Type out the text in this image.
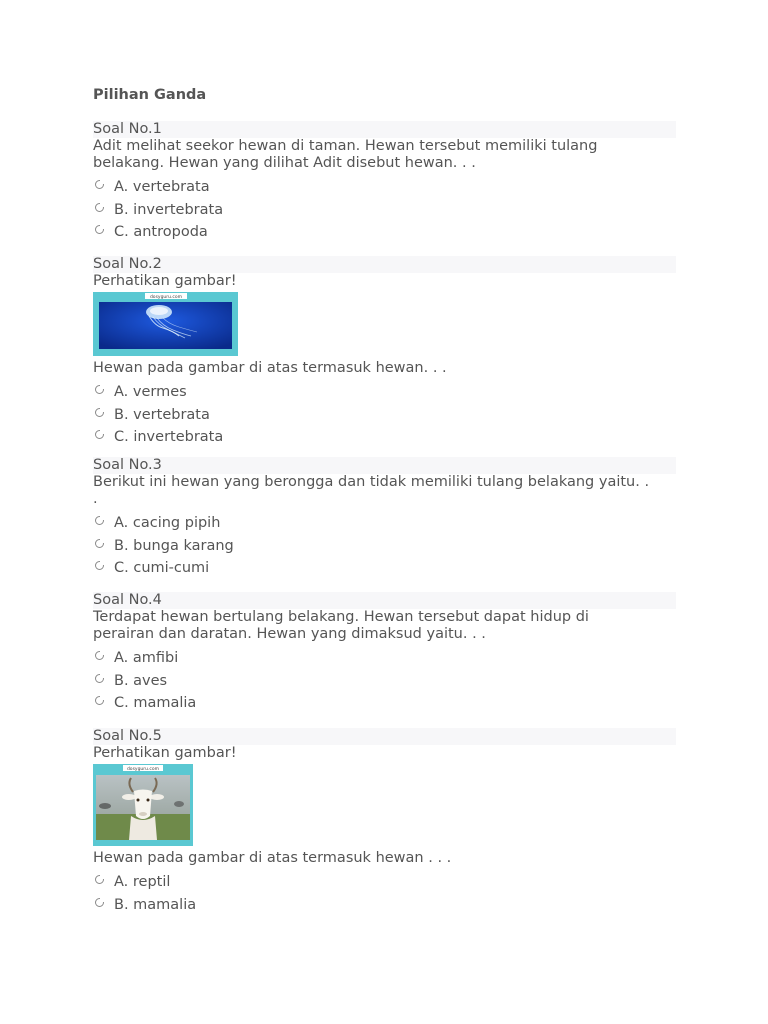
Pilihan Ganda
Soal No.1

Adit melihat seekor hewan di taman. Hewan tersebut memiliki tulang belakang. Hewan yang dilihat Adit disebut hewan. . .

A. vertebrata
B. invertebrata
C. antropoda
Soal No.2

Perhatikan gambar!

dosyguru.com

Hewan pada gambar di atas termasuk hewan. . .

A. vermes
B. vertebrata
C. invertebrata
Soal No.3

Berikut ini hewan yang berongga dan tidak memiliki tulang belakang yaitu. . .

A. cacing pipih
B. bunga karang
C. cumi-cumi
Soal No.4

Terdapat hewan bertulang belakang. Hewan tersebut dapat hidup di perairan dan daratan. Hewan yang dimaksud yaitu. . .

A. amfibi
B. aves
C. mamalia
Soal No.5

Perhatikan gambar!

dosyguru.com

Hewan pada gambar di atas termasuk hewan . . .

A. reptil
B. mamalia
